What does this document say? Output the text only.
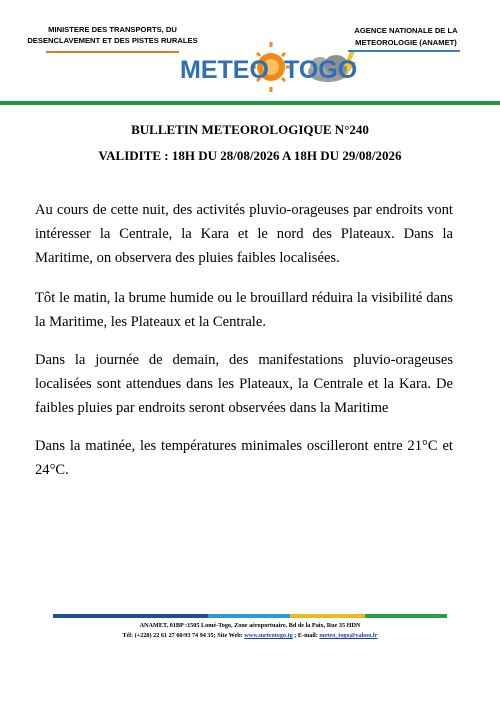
MINISTERE DES TRANSPORTS, DU
DESENCLAVEMENT ET DES PISTES RURALES
AGENCE NATIONALE DE LA
METEOROLOGIE (ANAMET)
METEO TOGO
BULLETIN METEOROLOGIQUE N°240
VALIDITE : 18H DU 28/08/2026 A 18H DU 29/08/2026

Au cours de cette nuit, des activités pluvio-orageuses par endroits vont intéresser la Centrale, la Kara et le nord des Plateaux. Dans la Maritime, on observera des pluies faibles localisées.

Tôt le matin, la brume humide ou le brouillard réduira la visibilité dans la Maritime, les Plateaux et la Centrale.

Dans la journée de demain, des manifestations pluvio-orageuses localisées sont attendues dans les Plateaux, la Centrale et la Kara. De faibles pluies par endroits seront observées dans la Maritime

Dans la matinée, les températures minimales oscilleront entre 21°C et 24°C.

ANAMET, 01BP :1505 Lomé-Togo, Zone aéroportuaire, Bd de la Paix, Rue 35 HDN
Tél: (+228) 22 61 27 60/93 74 94 35; Site Web: www.meteotogo.tg ; E-mail: meteo_togo@yahoo.fr
